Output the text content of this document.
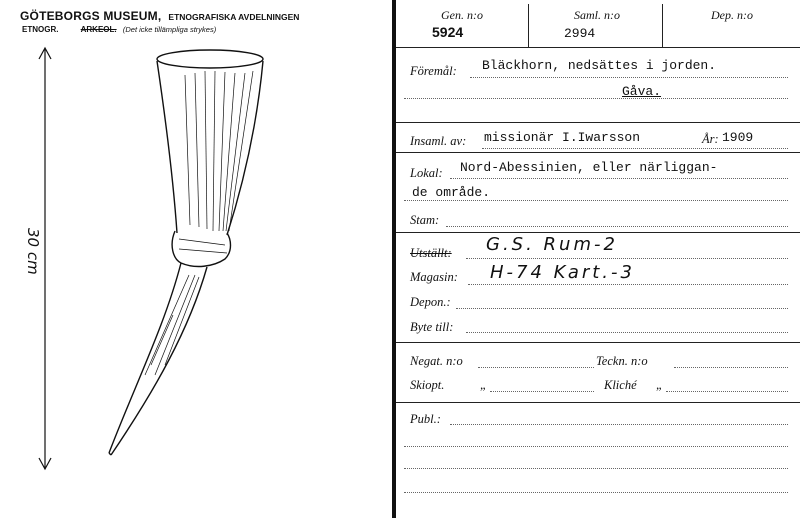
GÖTEBORGS MUSEUM, ETNOGRAFISKA AVDELNINGEN
ETNOGR.	ARKEOL. (Det icke tillämpliga strykes)
30 cm
Gen. n:o
5924
Saml. n:o
2994
Dep. n:o
Föremål: Bläckhorn, nedsättes i jorden.
Gåva.
Insaml. av: missionär I.Iwarsson	År: 1909
Lokal: Nord-Abessinien, eller närliggan-
de område.
Stam:
Utställt: G.S. Rum-2
Magasin: H-74 Kart.-3
Depon.:
Byte till:
Negat. n:o	Teckn. n:o
Skiopt.	„	Kliché „
Publ.:
